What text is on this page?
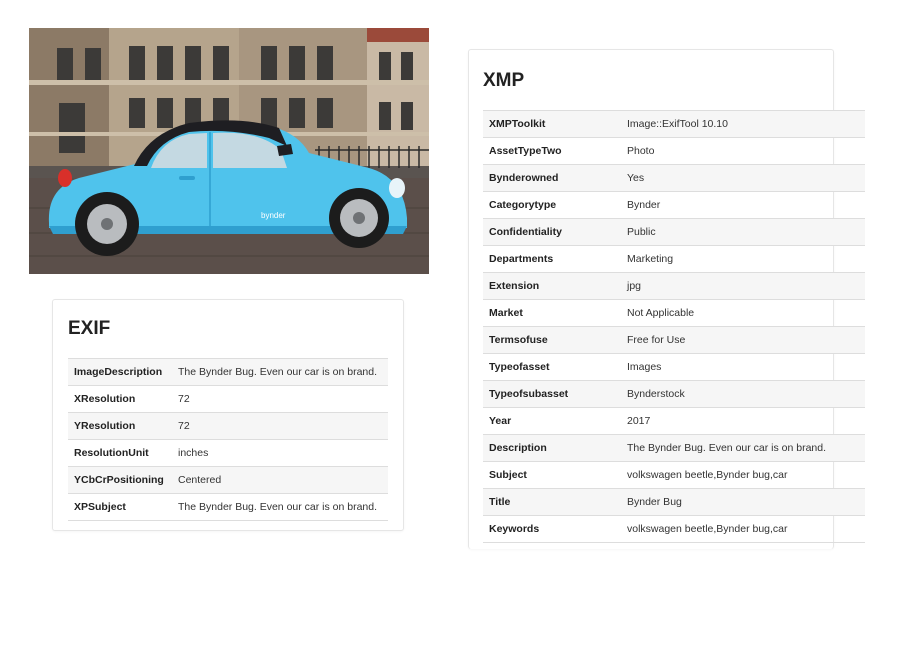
bynder
EXIF
ImageDescription	The Bynder Bug. Even our car is on brand.
XResolution	72
YResolution	72
ResolutionUnit	inches
YCbCrPositioning	Centered
XPSubject	The Bynder Bug. Even our car is on brand.
XMP
XMPToolkit	Image::ExifTool 10.10
AssetTypeTwo	Photo
Bynderowned	Yes
Categorytype	Bynder
Confidentiality	Public
Departments	Marketing
Extension	jpg
Market	Not Applicable
Termsofuse	Free for Use
Typeofasset	Images
Typeofsubasset	Bynderstock
Year	2017
Description	The Bynder Bug. Even our car is on brand.
Subject	volkswagen beetle,Bynder bug,car
Title	Bynder Bug
Keywords	volkswagen beetle,Bynder bug,car
